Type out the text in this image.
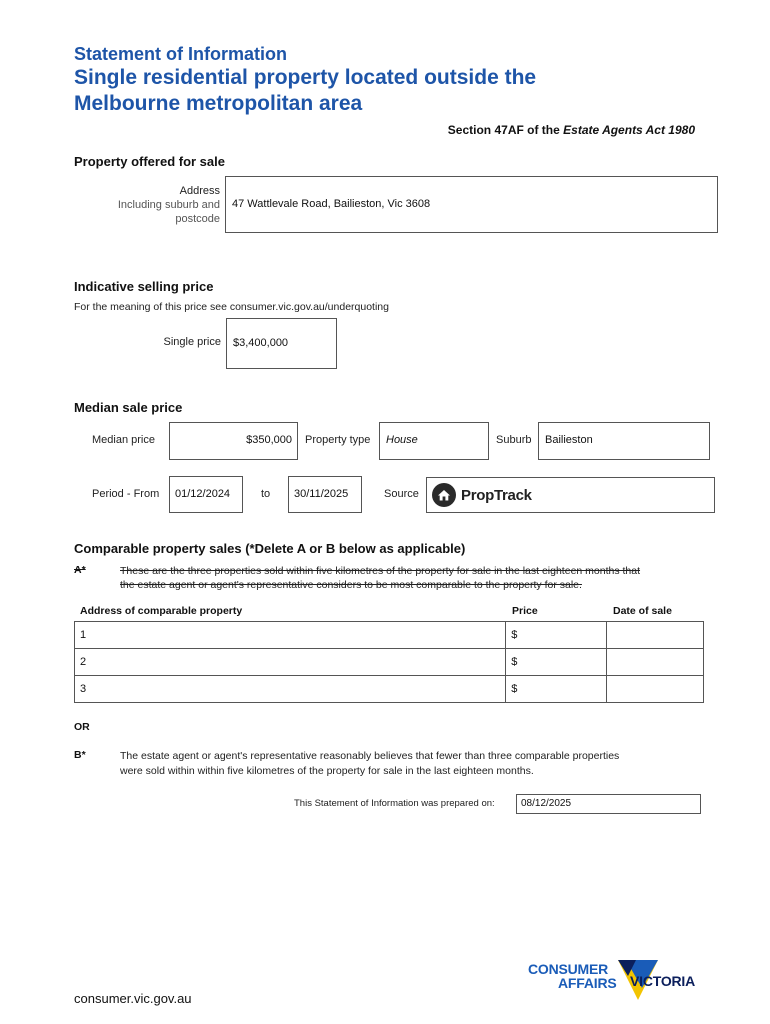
Statement of Information
Single residential property located outside the
Melbourne metropolitan area
Section 47AF of the Estate Agents Act 1980
Property offered for sale
Address
Including suburb and
postcode
47 Wattlevale Road, Bailieston, Vic 3608
Indicative selling price
For the meaning of this price see consumer.vic.gov.au/underquoting
Single price $3,400,000
Median sale price
Median price	$350,000 Property type House	Suburb Bailieston
Period - From 01/12/2024	to 30/11/2025	Source	PropTrack
Comparable property sales (*Delete A or B below as applicable)
A*	These are the three properties sold within five kilometres of the property for sale in the last eighteen months that
the estate agent or agent's representative considers to be most comparable to the property for sale.
Address of comparable property	Price	Date of sale
1	$	
2	$	
3	$	
OR
B*	The estate agent or agent's representative reasonably believes that fewer than three comparable properties
were sold within within five kilometres of the property for sale in the last eighteen months.
This Statement of Information was prepared on:	08/12/2025
consumer.vic.gov.au
CONSUMER
AFFAIRS VICTORIA
